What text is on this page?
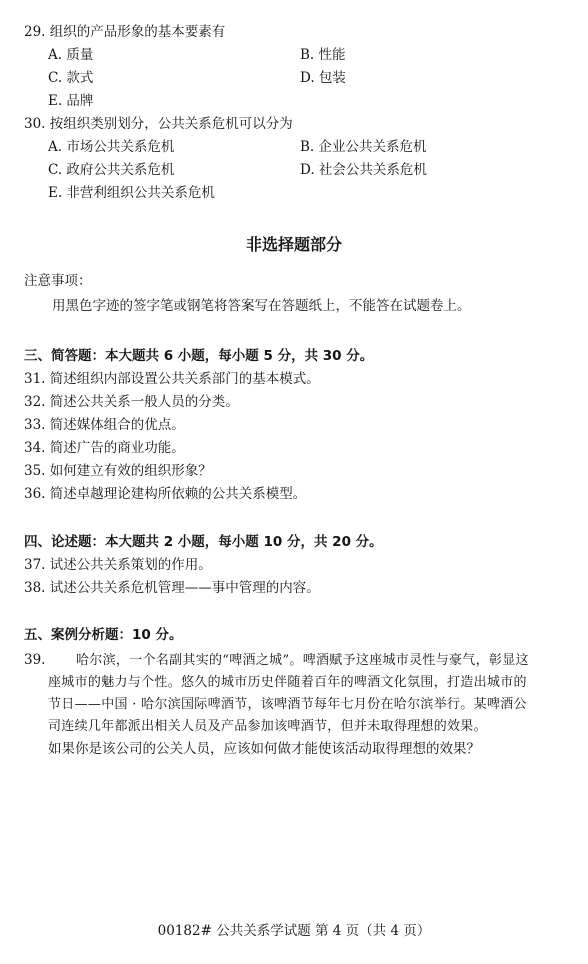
29. 组织的产品形象的基本要素有
A. 质量	B. 性能
C. 款式	D. 包装
E. 品牌
30. 按组织类别划分，公共关系危机可以分为
A. 市场公共关系危机	B. 企业公共关系危机
C. 政府公共关系危机	D. 社会公共关系危机
E. 非营利组织公共关系危机
非选择题部分
注意事项：
用黑色字迹的签字笔或钢笔将答案写在答题纸上，不能答在试题卷上。
三、简答题：本大题共 6 小题，每小题 5 分，共 30 分。
31. 简述组织内部设置公共关系部门的基本模式。
32. 简述公共关系一般人员的分类。
33. 简述媒体组合的优点。
34. 简述广告的商业功能。
35. 如何建立有效的组织形象？
36. 简述卓越理论建构所依赖的公共关系模型。
四、论述题：本大题共 2 小题，每小题 10 分，共 20 分。
37. 试述公共关系策划的作用。
38. 试述公共关系危机管理——事中管理的内容。
五、案例分析题：10 分。
39.	哈尔滨，一个名副其实的“啤酒之城”。啤酒赋予这座城市灵性与豪气，彰显这
座城市的魅力与个性。悠久的城市历史伴随着百年的啤酒文化氛围，打造出城市的
节日——中国 · 哈尔滨国际啤酒节，该啤酒节每年七月份在哈尔滨举行。某啤酒公
司连续几年都派出相关人员及产品参加该啤酒节，但并未取得理想的效果。
如果你是该公司的公关人员，应该如何做才能使该活动取得理想的效果？
00182# 公共关系学试题 第 4 页（共 4 页）
